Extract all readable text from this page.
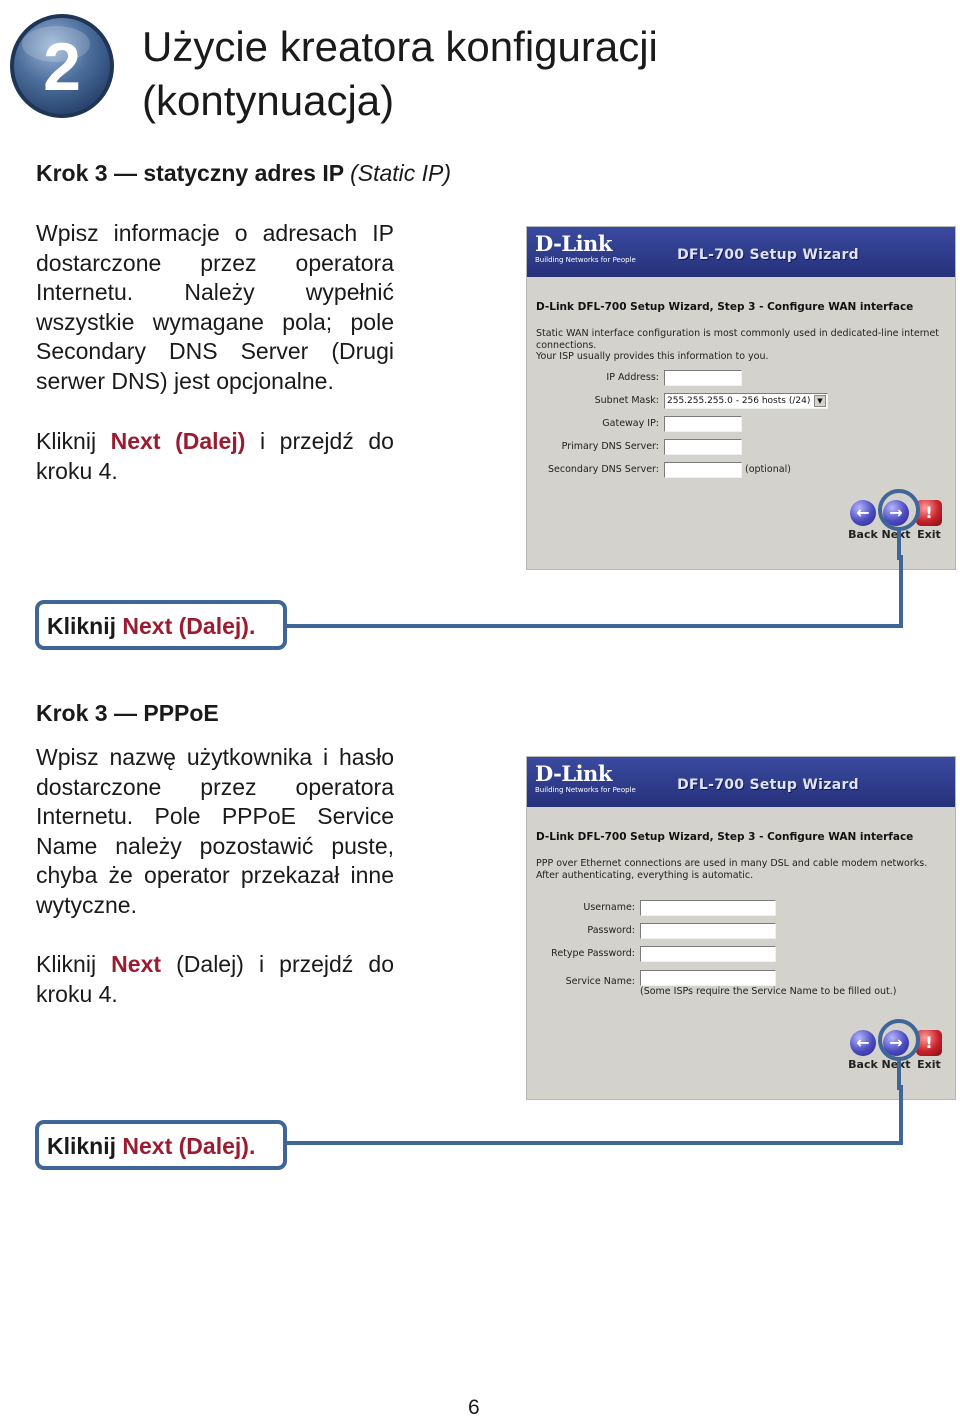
2 Użycie kreatora konfiguracji
(kontynuacja)
Krok 3 — statyczny adres IP (Static IP)
Wpisz informacje o adresach IP dostarczone przez operatora Internetu. Należy wypełnić wszystkie wymagane pola; pole Secondary DNS Server (Drugi serwer DNS) jest opcjonalne.
Kliknij Next (Dalej) i przejdź do kroku 4.
D-Link
Building Networks for People	DFL-700 Setup Wizard
D-Link DFL-700 Setup Wizard, Step 3 - Configure WAN interface
Static WAN interface configuration is most commonly used in dedicated-line internet connections.
Your ISP usually provides this information to you.
IP Address:
Subnet Mask: 255.255.255.0 - 256 hosts (/24) ▼
Gateway IP:
Primary DNS Server:
Secondary DNS Server:	(optional)
←
Back
→
Next
!
Exit
Kliknij Next (Dalej).
Krok 3 — PPPoE
Wpisz nazwę użytkownika i hasło dostarczone przez operatora Internetu. Pole PPPoE Service Name należy pozostawić puste, chyba że operator przekazał inne wytyczne.
Kliknij Next (Dalej) i przejdź do kroku 4.
D-Link
Building Networks for People	DFL-700 Setup Wizard
D-Link DFL-700 Setup Wizard, Step 3 - Configure WAN interface
PPP over Ethernet connections are used in many DSL and cable modem networks.
After authenticating, everything is automatic.
Username:
Password:
Retype Password:
Service Name:
(Some ISPs require the Service Name to be filled out.)
←
Back
→
Next
!
Exit
Kliknij Next (Dalej).
6
